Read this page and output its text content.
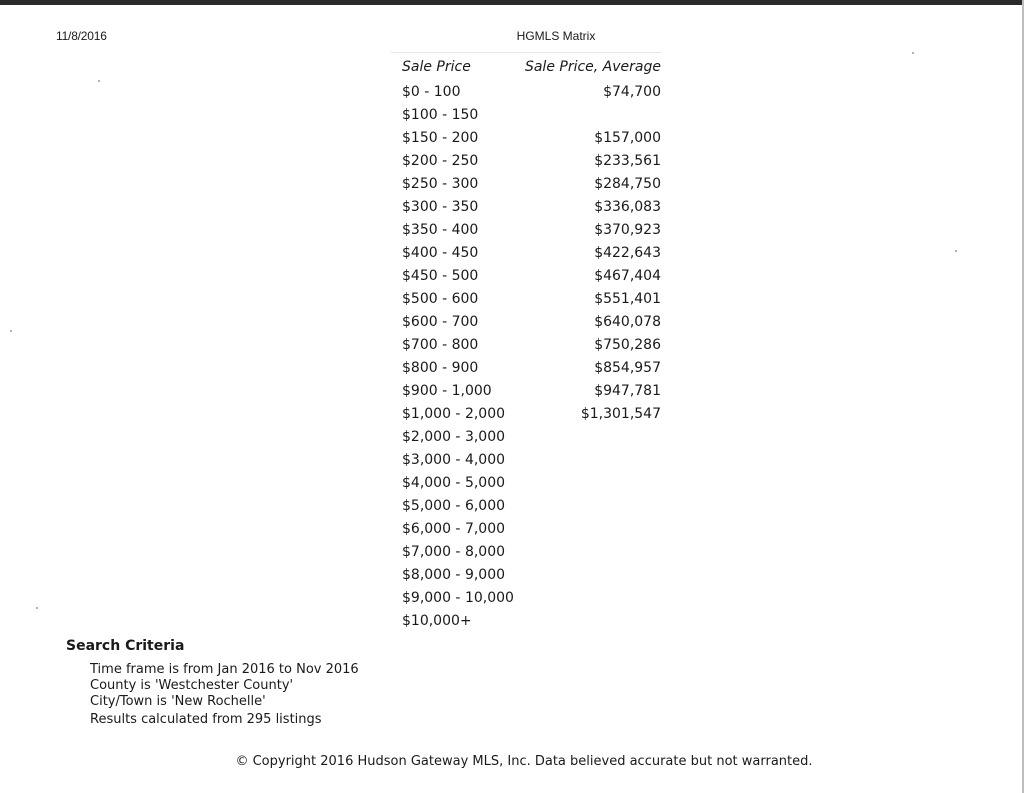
11/8/2016	HGMLS Matrix
Sale Price	Sale Price, Average
$0 - 100	$74,700
$100 - 150
$150 - 200	$157,000
$200 - 250	$233,561
$250 - 300	$284,750
$300 - 350	$336,083
$350 - 400	$370,923
$400 - 450	$422,643
$450 - 500	$467,404
$500 - 600	$551,401
$600 - 700	$640,078
$700 - 800	$750,286
$800 - 900	$854,957
$900 - 1,000	$947,781
$1,000 - 2,000	$1,301,547
$2,000 - 3,000
$3,000 - 4,000
$4,000 - 5,000
$5,000 - 6,000
$6,000 - 7,000
$7,000 - 8,000
$8,000 - 9,000
$9,000 - 10,000
$10,000+
Search Criteria
Time frame is from Jan 2016 to Nov 2016
County is 'Westchester County'
City/Town is 'New Rochelle'
Results calculated from 295 listings
© Copyright 2016 Hudson Gateway MLS, Inc. Data believed accurate but not warranted.
